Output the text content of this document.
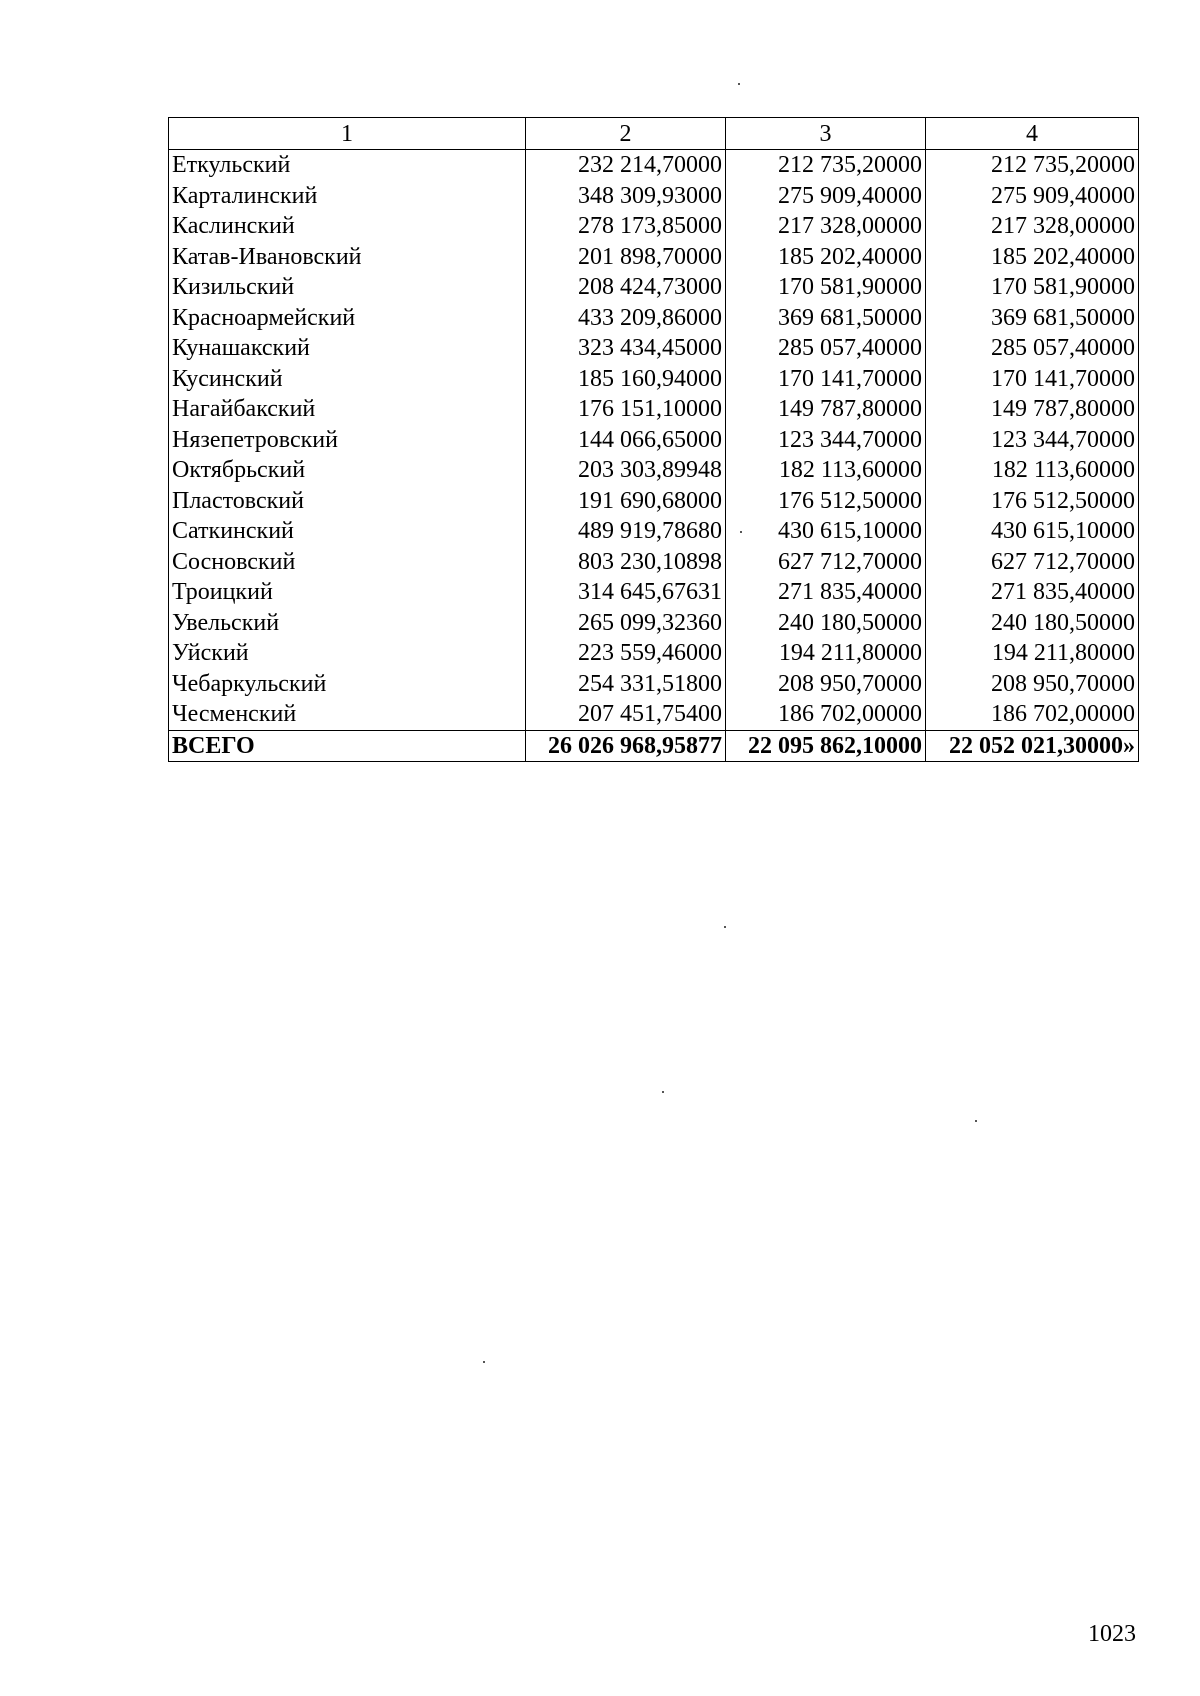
1	2	3	4
Еткульский	232 214,70000	212 735,20000	212 735,20000
Карталинский	348 309,93000	275 909,40000	275 909,40000
Каслинский	278 173,85000	217 328,00000	217 328,00000
Катав-Ивановский	201 898,70000	185 202,40000	185 202,40000
Кизильский	208 424,73000	170 581,90000	170 581,90000
Красноармейский	433 209,86000	369 681,50000	369 681,50000
Кунашакский	323 434,45000	285 057,40000	285 057,40000
Кусинский	185 160,94000	170 141,70000	170 141,70000
Нагайбакский	176 151,10000	149 787,80000	149 787,80000
Нязепетровский	144 066,65000	123 344,70000	123 344,70000
Октябрьский	203 303,89948	182 113,60000	182 113,60000
Пластовский	191 690,68000	176 512,50000	176 512,50000
Саткинский	489 919,78680	430 615,10000	430 615,10000
Сосновский	803 230,10898	627 712,70000	627 712,70000
Троицкий	314 645,67631	271 835,40000	271 835,40000
Увельский	265 099,32360	240 180,50000	240 180,50000
Уйский	223 559,46000	194 211,80000	194 211,80000
Чебаркульский	254 331,51800	208 950,70000	208 950,70000
Чесменский	207 451,75400	186 702,00000	186 702,00000
ВСЕГО	26 026 968,95877	22 095 862,10000	22 052 021,30000»
1023
